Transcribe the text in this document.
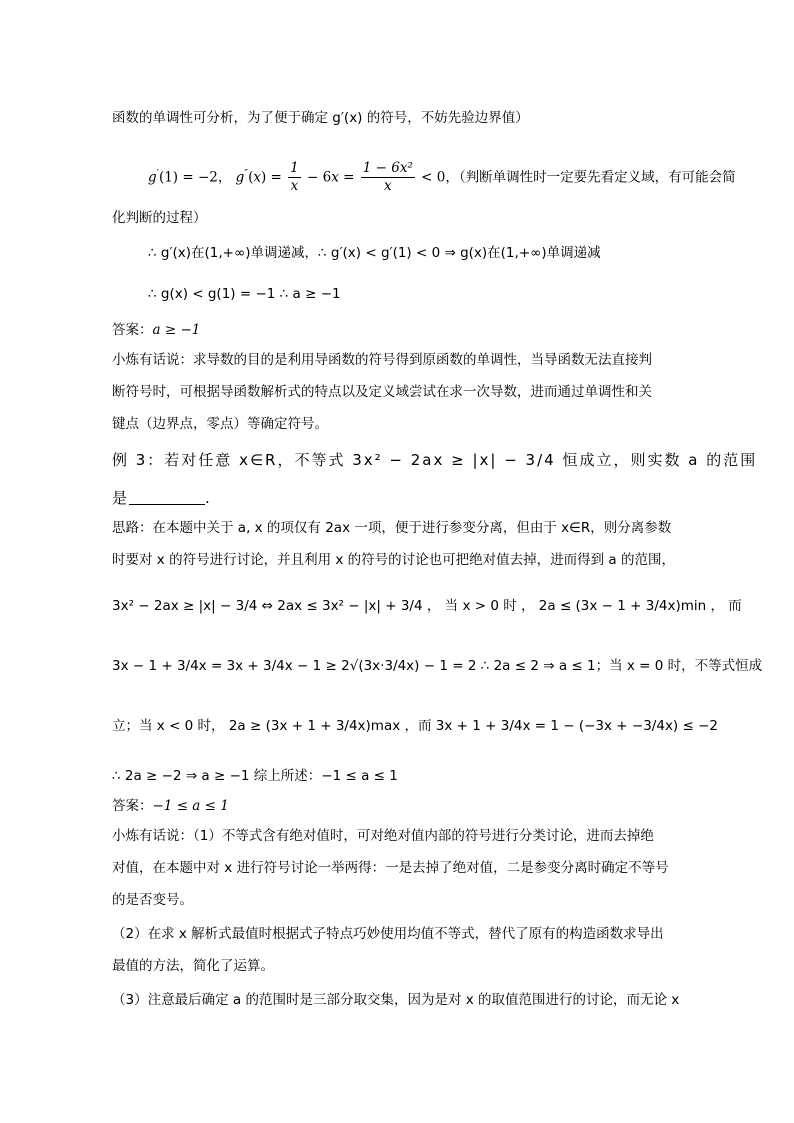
函数的单调性可分析，为了便于确定 g′(x) 的符号，不妨先验边界值）
g′(1) = −2， $g''(x) = \frac{1}{x} - 6x = \frac{\text{1 − 6x²}}{x} < 0$，（判断单调性时一定要先看定义域，有可能会简
化判断的过程）
∴ g′(x)在(1,+∞)单调递减，∴ g′(x) < g′(1) < 0 ⇒ g(x)在(1,+∞)单调递减
∴ g(x) < g(1) = −1 ∴ a ≥ −1
答案：a ≥ −1
小炼有话说：求导数的目的是利用导函数的符号得到原函数的单调性，当导函数无法直接判
断符号时，可根据导函数解析式的特点以及定义域尝试在求一次导数，进而通过单调性和关
键点（边界点，零点）等确定符号。
例 3：若对任意 x∈R，不等式 3x² − 2ax ≥ |x| − 3/4 恒成立，则实数 a 的范围
是	.
思路：在本题中关于 a, x 的项仅有 2ax 一项，便于进行参变分离，但由于 x∈R，则分离参数
时要对 x 的符号进行讨论，并且利用 x 的符号的讨论也可把绝对值去掉，进而得到 a 的范围，
3x² − 2ax ≥ |x| − 3/4 ⇔ 2ax ≤ 3x² − |x| + 3/4 ， 当 x > 0 时 ， 2a ≤ (3x − 1 + 3/4x)min ， 而
3x − 1 + 3/4x = 3x + 3/4x − 1 ≥ 2√(3x·3/4x) − 1 = 2 ∴ 2a ≤ 2 ⇒ a ≤ 1；当 x = 0 时，不等式恒成
立；当 x < 0 时， 2a ≥ (3x + 1 + 3/4x)max ，而 3x + 1 + 3/4x = 1 − (−3x + −3/4x) ≤ −2
∴ 2a ≥ −2 ⇒ a ≥ −1 综上所述：−1 ≤ a ≤ 1
答案：−1 ≤ a ≤ 1
小炼有话说：（1）不等式含有绝对值时，可对绝对值内部的符号进行分类讨论，进而去掉绝
对值，在本题中对 x 进行符号讨论一举两得：一是去掉了绝对值，二是参变分离时确定不等号
的是否变号。
（2）在求 x 解析式最值时根据式子特点巧妙使用均值不等式，替代了原有的构造函数求导出
最值的方法，简化了运算。
（3）注意最后确定 a 的范围时是三部分取交集，因为是对 x 的取值范围进行的讨论，而无论 x
